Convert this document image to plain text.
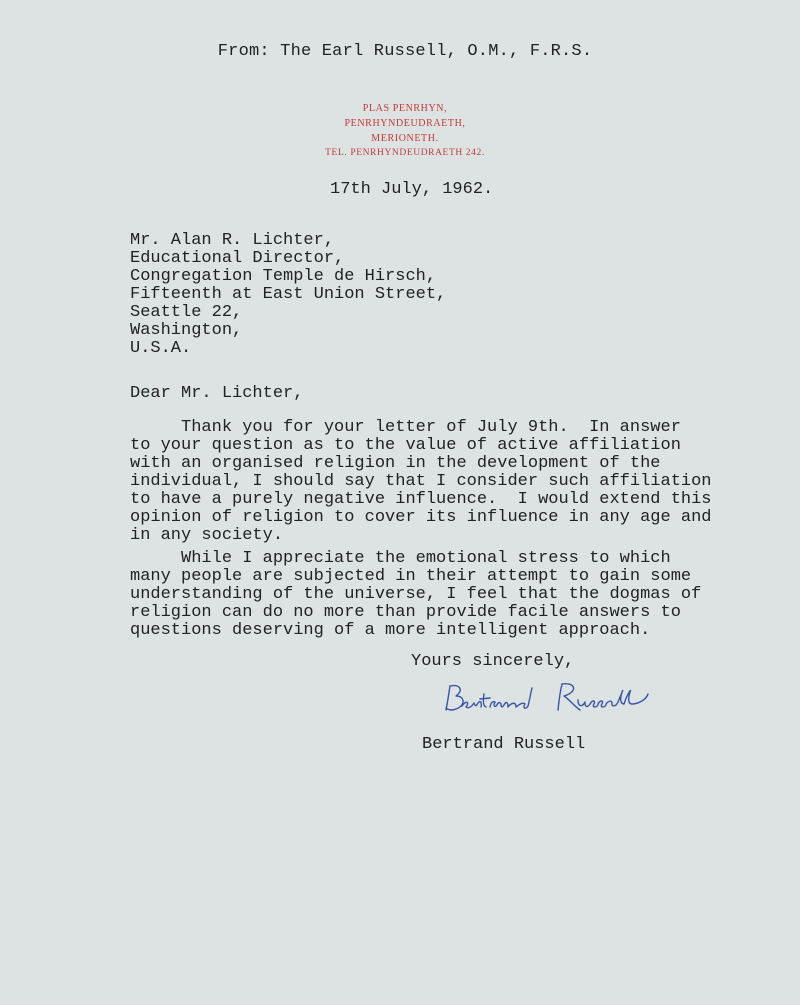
From: The Earl Russell, O.M., F.R.S.
PLAS PENRHYN,
PENRHYNDEUDRAETH,
MERIONETH.
TEL. PENRHYNDEUDRAETH 242.
17th July, 1962.
Mr. Alan R. Lichter,
Educational Director,
Congregation Temple de Hirsch,
Fifteenth at East Union Street,
Seattle 22,
Washington,
U.S.A.
Dear Mr. Lichter,
Thank you for your letter of July 9th.  In answer
to your question as to the value of active affiliation
with an organised religion in the development of the
individual, I should say that I consider such affiliation
to have a purely negative influence.  I would extend this
opinion of religion to cover its influence in any age and
in any society.
While I appreciate the emotional stress to which
many people are subjected in their attempt to gain some
understanding of the universe, I feel that the dogmas of
religion can do no more than provide facile answers to
questions deserving of a more intelligent approach.
Yours sincerely,
Bertrand Russell
